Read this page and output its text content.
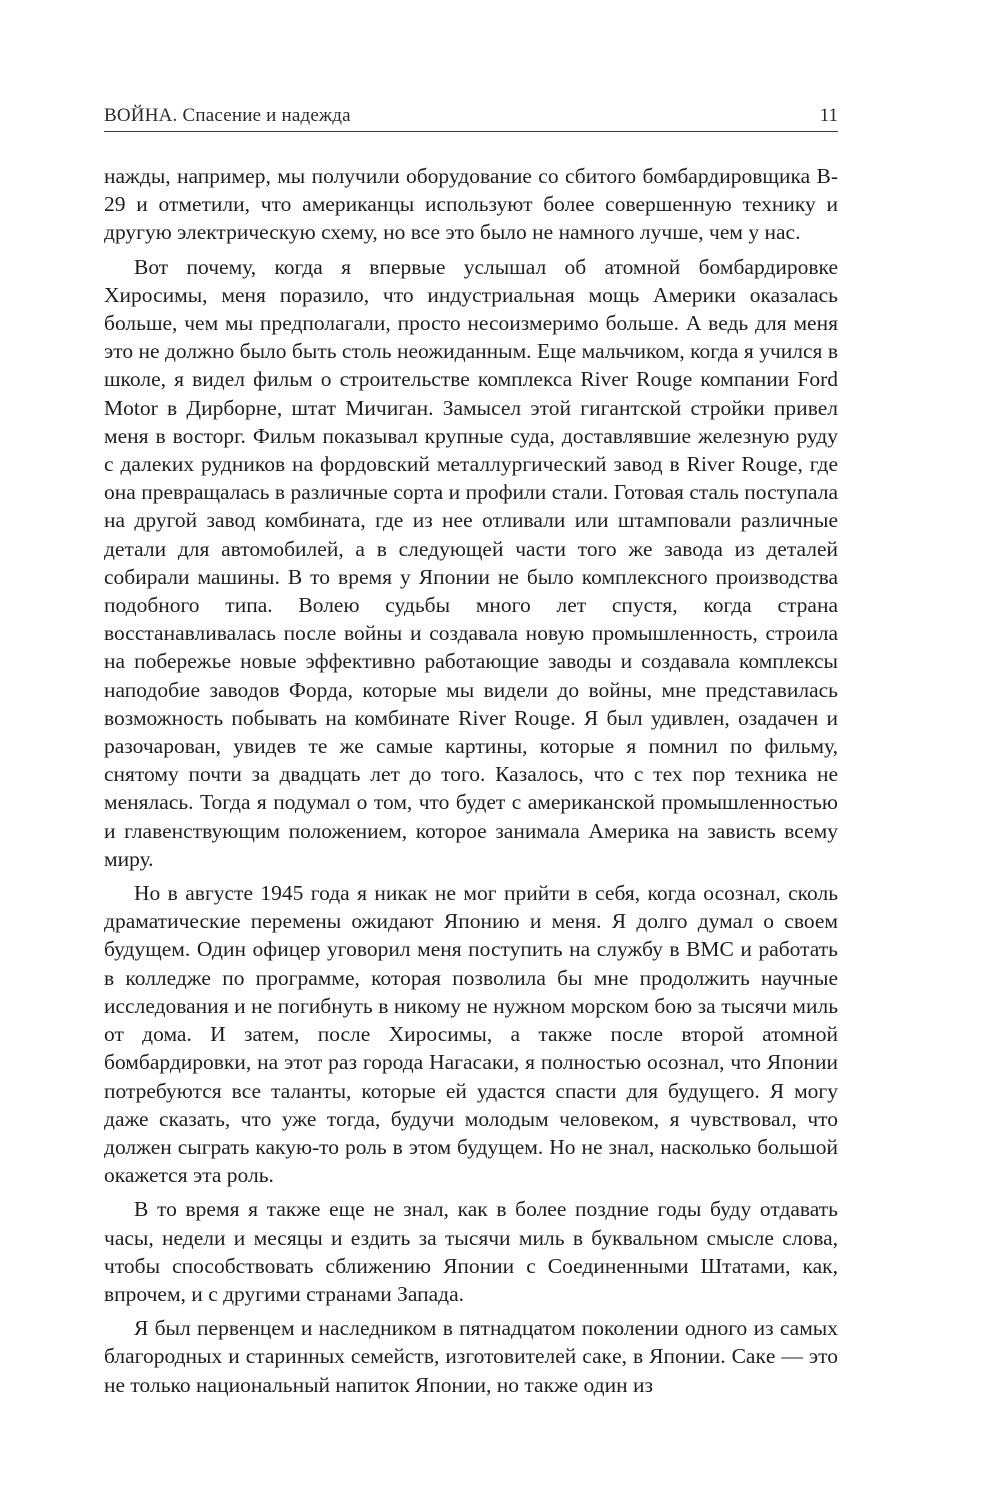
ВОЙНА. Спасение и надежда	11

нажды, например, мы получили оборудование со сбитого бомбардировщика B-29 и отметили, что американцы используют более совершенную технику и другую электрическую схему, но все это было не намного лучше, чем у нас.

Вот почему, когда я впервые услышал об атомной бомбардировке Хиросимы, меня поразило, что индустриальная мощь Америки оказалась больше, чем мы предполагали, просто несоизмеримо больше. А ведь для меня это не должно было быть столь неожиданным. Еще мальчиком, когда я учился в школе, я видел фильм о строительстве комплекса River Rouge компании Ford Motor в Дирборне, штат Мичиган. Замысел этой гигантской стройки привел меня в восторг. Фильм показывал крупные суда, доставлявшие железную руду с далеких рудников на фордовский металлургический завод в River Rouge, где она превращалась в различные сорта и профили стали. Готовая сталь поступала на другой завод комбината, где из нее отливали или штамповали различные детали для автомобилей, а в следующей части того же завода из деталей собирали машины. В то время у Японии не было комплексного производства подобного типа. Волею судьбы много лет спустя, когда страна восстанавливалась после войны и создавала новую промышленность, строила на побережье новые эффективно работающие заводы и создавала комплексы наподобие заводов Форда, которые мы видели до войны, мне представилась возможность побывать на комбинате River Rouge. Я был удивлен, озадачен и разочарован, увидев те же самые картины, которые я помнил по фильму, снятому почти за двадцать лет до того. Казалось, что с тех пор техника не менялась. Тогда я подумал о том, что будет с американской промышленностью и главенствующим положением, которое занимала Америка на зависть всему миру.

Но в августе 1945 года я никак не мог прийти в себя, когда осознал, сколь драматические перемены ожидают Японию и меня. Я долго думал о своем будущем. Один офицер уговорил меня поступить на службу в ВМС и работать в колледже по программе, которая позволила бы мне продолжить научные исследования и не погибнуть в никому не нужном морском бою за тысячи миль от дома. И затем, после Хиросимы, а также после второй атомной бомбардировки, на этот раз города Нагасаки, я полностью осознал, что Японии потребуются все таланты, которые ей удастся спасти для будущего. Я могу даже сказать, что уже тогда, будучи молодым человеком, я чувствовал, что должен сыграть какую-то роль в этом будущем. Но не знал, насколько большой окажется эта роль.

В то время я также еще не знал, как в более поздние годы буду отдавать часы, недели и месяцы и ездить за тысячи миль в буквальном смысле слова, чтобы способствовать сближению Японии с Соединенными Штатами, как, впрочем, и с другими странами Запада.

Я был первенцем и наследником в пятнадцатом поколении одного из самых благородных и старинных семейств, изготовителей сакe, в Японии. Сакe — это не только национальный напиток Японии, но также один из
